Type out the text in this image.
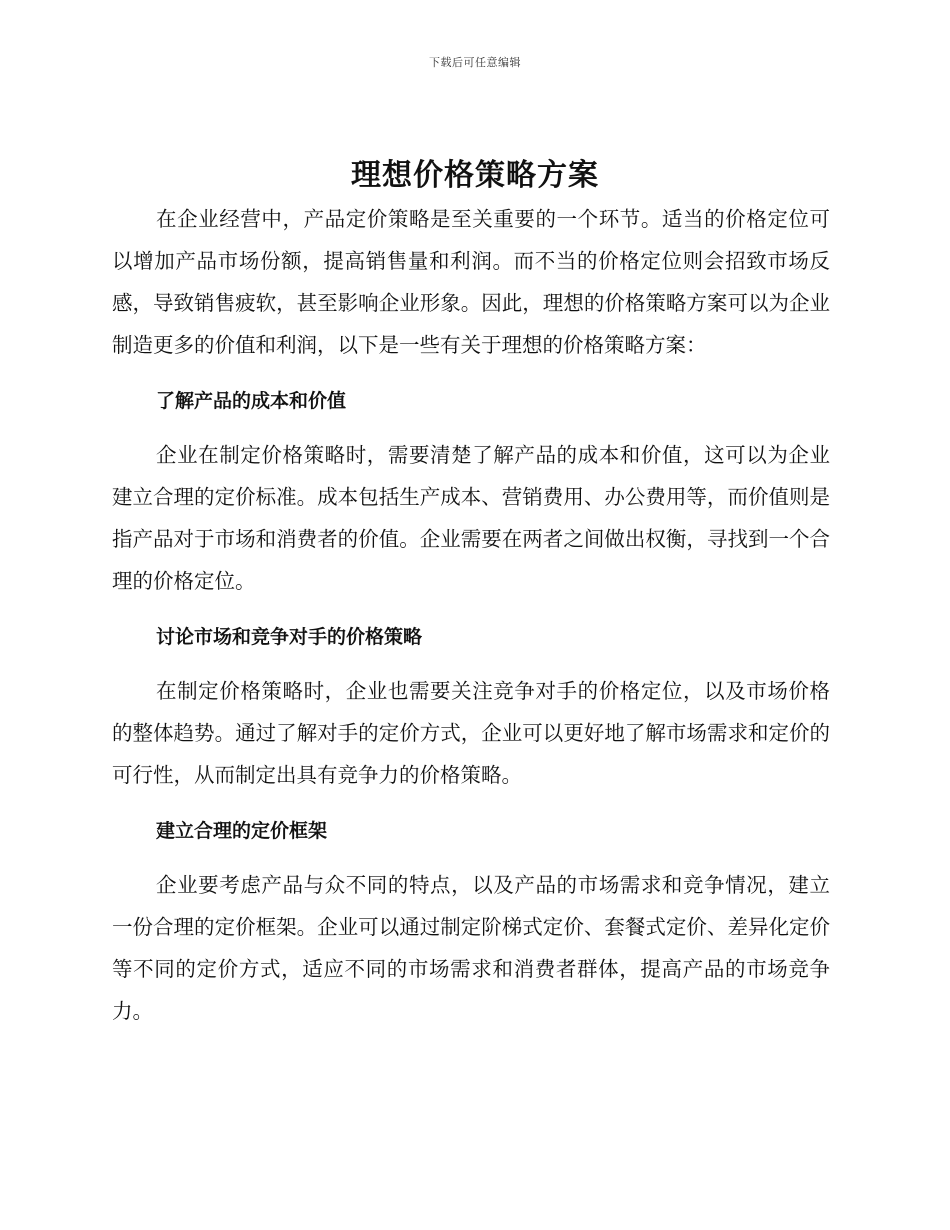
下载后可任意编辑
理想价格策略方案

在企业经营中，产品定价策略是至关重要的一个环节。适当的价格定位可以增加产品市场份额，提高销售量和利润。而不当的价格定位则会招致市场反感，导致销售疲软，甚至影响企业形象。因此，理想的价格策略方案可以为企业制造更多的价值和利润，以下是一些有关于理想的价格策略方案：

了解产品的成本和价值

企业在制定价格策略时，需要清楚了解产品的成本和价值，这可以为企业建立合理的定价标准。成本包括生产成本、营销费用、办公费用等，而价值则是指产品对于市场和消费者的价值。企业需要在两者之间做出权衡，寻找到一个合理的价格定位。

讨论市场和竞争对手的价格策略

在制定价格策略时，企业也需要关注竞争对手的价格定位，以及市场价格的整体趋势。通过了解对手的定价方式，企业可以更好地了解市场需求和定价的可行性，从而制定出具有竞争力的价格策略。

建立合理的定价框架

企业要考虑产品与众不同的特点，以及产品的市场需求和竞争情况，建立一份合理的定价框架。企业可以通过制定阶梯式定价、套餐式定价、差异化定价等不同的定价方式，适应不同的市场需求和消费者群体，提高产品的市场竞争力。
